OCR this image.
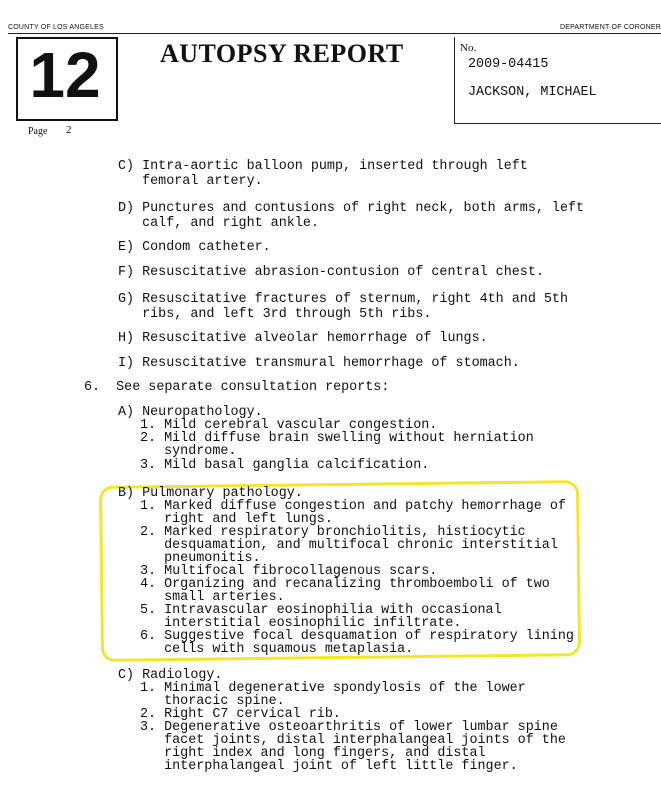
COUNTY OF LOS ANGELES	DEPARTMENT OF CORONER
12	AUTOPSY REPORT	No.
2009-04415
JACKSON, MICHAEL
Page 2
C) Intra-aortic balloon pump, inserted through left
femoral artery.
D) Punctures and contusions of right neck, both arms, left
calf, and right ankle.
E) Condom catheter.
F) Resuscitative abrasion-contusion of central chest.
G) Resuscitative fractures of sternum, right 4th and 5th
ribs, and left 3rd through 5th ribs.
H) Resuscitative alveolar hemorrhage of lungs.
I) Resuscitative transmural hemorrhage of stomach.
6.  See separate consultation reports:
A) Neuropathology.
1. Mild cerebral vascular congestion.
2. Mild diffuse brain swelling without herniation
syndrome.
3. Mild basal ganglia calcification.
B) Pulmonary pathology.
1. Marked diffuse congestion and patchy hemorrhage of
right and left lungs.
2. Marked respiratory bronchiolitis, histiocytic
desquamation, and multifocal chronic interstitial
pneumonitis.
3. Multifocal fibrocollagenous scars.
4. Organizing and recanalizing thromboemboli of two
small arteries.
5. Intravascular eosinophilia with occasional
interstitial eosinophilic infiltrate.
6. Suggestive focal desquamation of respiratory lining
cells with squamous metaplasia.
C) Radiology.
1. Minimal degenerative spondylosis of the lower
thoracic spine.
2. Right C7 cervical rib.
3. Degenerative osteoarthritis of lower lumbar spine
facet joints, distal interphalangeal joints of the
right index and long fingers, and distal
interphalangeal joint of left little finger.
